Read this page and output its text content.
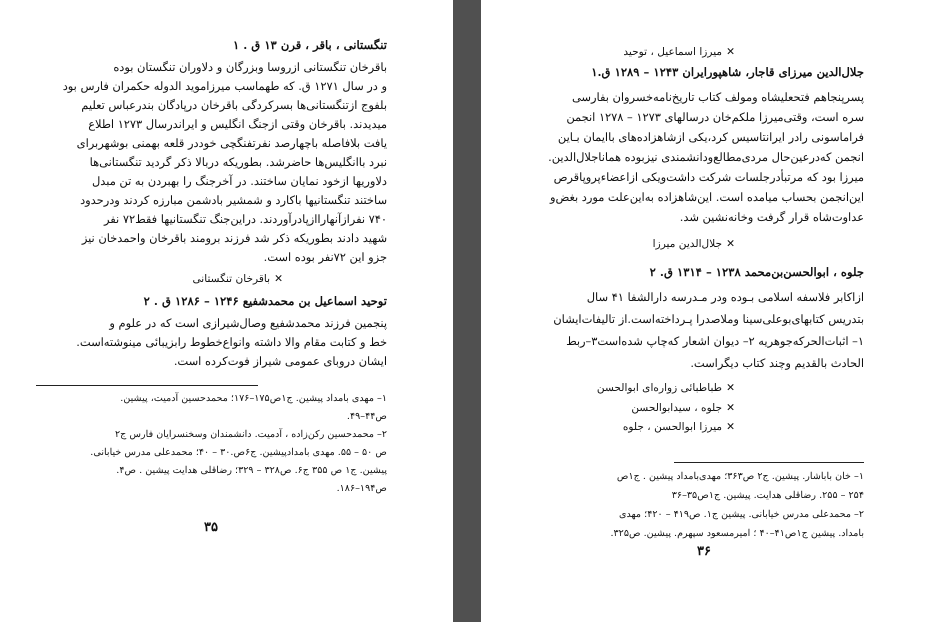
تنگستانی ، باقر ، قرن ۱۳ ق . ۱
باقرخان تنگستانی ازروسا وبزرگان و دلاوران تنگستان بوده
و در سال ۱۲۷۱ ق. که طهماسب میرزاموید الدوله حکمران فارس بود
بلفوج ازتنگستانی‌ها بسرکردگی باقرخان درپادگان بندرعباس تعلیم
میدیدند. باقرخان وقتی ازجنگ انگلیس و ایراندرسال ۱۲۷۳ اطلاع
یافت بلافاصله باچهارصد نفرتفنگچی خوددر قلعه بهمنی بوشهربرای
نبرد باانگلیس‌ها حاضرشد. بطوریکه دربالا ذکر گردید تنگستانی‌ها
دلاوریها ازخود نمایان ساختند. در آخرجنگ را بهبردن به تن مبدل
ساختند تنگستانیها باکارد و شمشیر بادشمن مبارزه کردند ودرحدود
۷۴۰ نفرازآنهاراازپادرآوردند. دراین‌جنگ تنگستانیها فقط۷۲ نفر
شهید دادند بطوریکه ذکر شد فرزند برومند باقرخان واحمدخان نیز
جزو این ۷۲نفر بوده است.
✕باقرخان تنگستانی
توحید اسماعیل بن محمدشفیع ۱۲۴۶ – ۱۲۸۶ ق . ۲
پنجمین فرزند محمدشفیع وصال‌شیرازی است که در علوم و
خط و کتابت مقام والا داشته وانواع‌خطوط رابزیبائی مینوشته‌است.
ایشان دروبای عمومی شیراز فوت‌کرده است.
۱– مهدی بامداد پیشین. ج۱ص۱۷۵–۱۷۶؛ محمدحسین آدمیت، پیشین.
ص۴۴–۴۹.
۲– محمدحسین رکن‌زاده ، آدمیت. دانشمندان وسخنسرایان فارس ج۲
ص ۵۰ – ۵۵. مهدی بامدادپیشین. ج۶ص.۳۰ – ۴۰؛ محمدعلی مدرس خیابانی.
پیشین. ج۱ ص ۳۵۵ ج۶. ص۳۲۸ – ۳۲۹؛ رضاقلی هدایت پیشین . ص۴.
ص۱۹۴–۱۸۶.
۳۵
✕میرزا اسماعیل ، توحید
جلال‌الدین میرزای قاجار، شاهپورایران ۱۲۴۳ – ۱۲۸۹ ق.۱
پسرپنجاهم فتحعلیشاه ومولف کتاب تاریخ‌نامه‌خسروان بفارسی
سره است، وقتی‌میرزا ملکم‌خان درسالهای ۱۲۷۳ – ۱۲۷۸ انجمن
فراماسونی رادر ایرانتاسیس کرد،یکی ازشاهزاده‌های باایمان بـاین
انجمن که‌درعین‌حال مردی‌مطالع‌ودانشمندی نیزبوده همانا‌جلال‌الدین‌.
میرزا بود که مرتبأدرجلسات شرکت داشت‌ویکی ازاعضاءپروپاقرص
این‌انجمن بحساب میامده است. این‌شاهزاده به‌این‌علت مورد بغض‌و
عداوت‌شاه قرار گرفت وخانه‌نشین شد.
✕جلال‌الدین میرزا
جلوه ، ابوالحسن‌بن‌محمد ۱۲۳۸ – ۱۳۱۴ ق. ۲
ازاکابر فلاسفه اسلامی بـوده ودر مـدرسه دارالشفا ۴۱ سال
بتدریس کتابهای‌بوعلی‌سینا وملاصدرا پـرداخته‌است.از تالیفات‌ایشان
۱– اثبات‌الحرکه‌جوهریه ۲– دیوان اشعار که‌چاپ شده‌است۳–ربط
الحادث بالقدیم وچند کتاب دیگراست.
✕طباطبائی زواره‌ای ابوالحسن
✕جلوه ، سیدابوالحسن
✕میرزا ابوالحسن ، جلوه
۱– خان باباشار. پیشین. ج۲ ص۳۶۳؛ مهدی‌بامداد پیشین . ج۱ص
۲۵۴ – ۲۵۵. رضاقلی هدایت. پیشین. ج۱ص۳۵–۳۶
۲– محمدعلی مدرس خیابانی. پیشین ج۱. ص۴۱۹ – ۴۲۰؛ مهدی
بامداد. پیشین ج۱ص۴۱–۴۰ ؛ امیرمسعود سپهرم. پیشین. ص۳۲۵.
۳۶
